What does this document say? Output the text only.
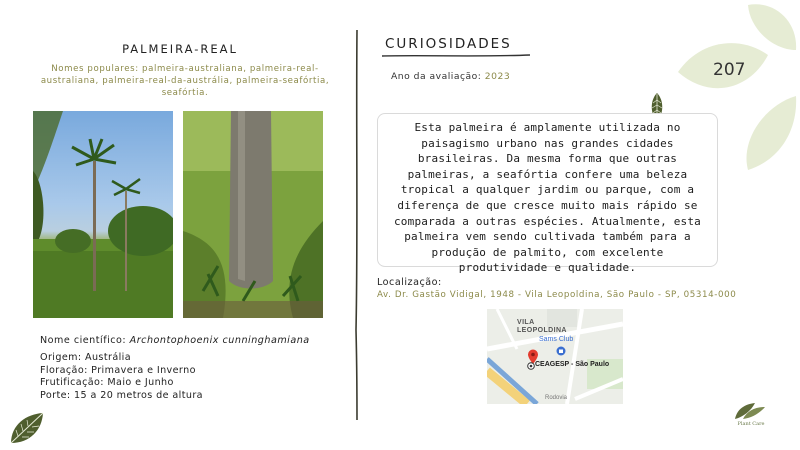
PALMEIRA-REAL
Nomes populares: palmeira-australiana, palmeira-real-australiana, palmeira-real-da-austrália, palmeira-seafórtia, seafórtia.
Nome científico: Archontophoenix cunninghamiana
Origem: Austrália
Floração: Primavera e Inverno
Frutificação: Maio e Junho
Porte: 15 a 20 metros de altura
CURIOSIDADES
Ano da avaliação: 2023
Esta palmeira é amplamente utilizada no paisagismo urbano nas grandes cidades brasileiras. Da mesma forma que outras palmeiras, a seafórtia confere uma beleza tropical a qualquer jardim ou parque, com a diferença de que cresce muito mais rápido se comparada a outras espécies. Atualmente, esta palmeira vem sendo cultivada também para a produção de palmito, com excelente produtividade e qualidade.
Localização:
Av. Dr. Gastão Vidigal, 1948 - Vila Leopoldina, São Paulo - SP, 05314-000
VILA
LEOPOLDINA
Sams Club
CEAGESP - São Paulo
Rodovia
207
Plant Care
